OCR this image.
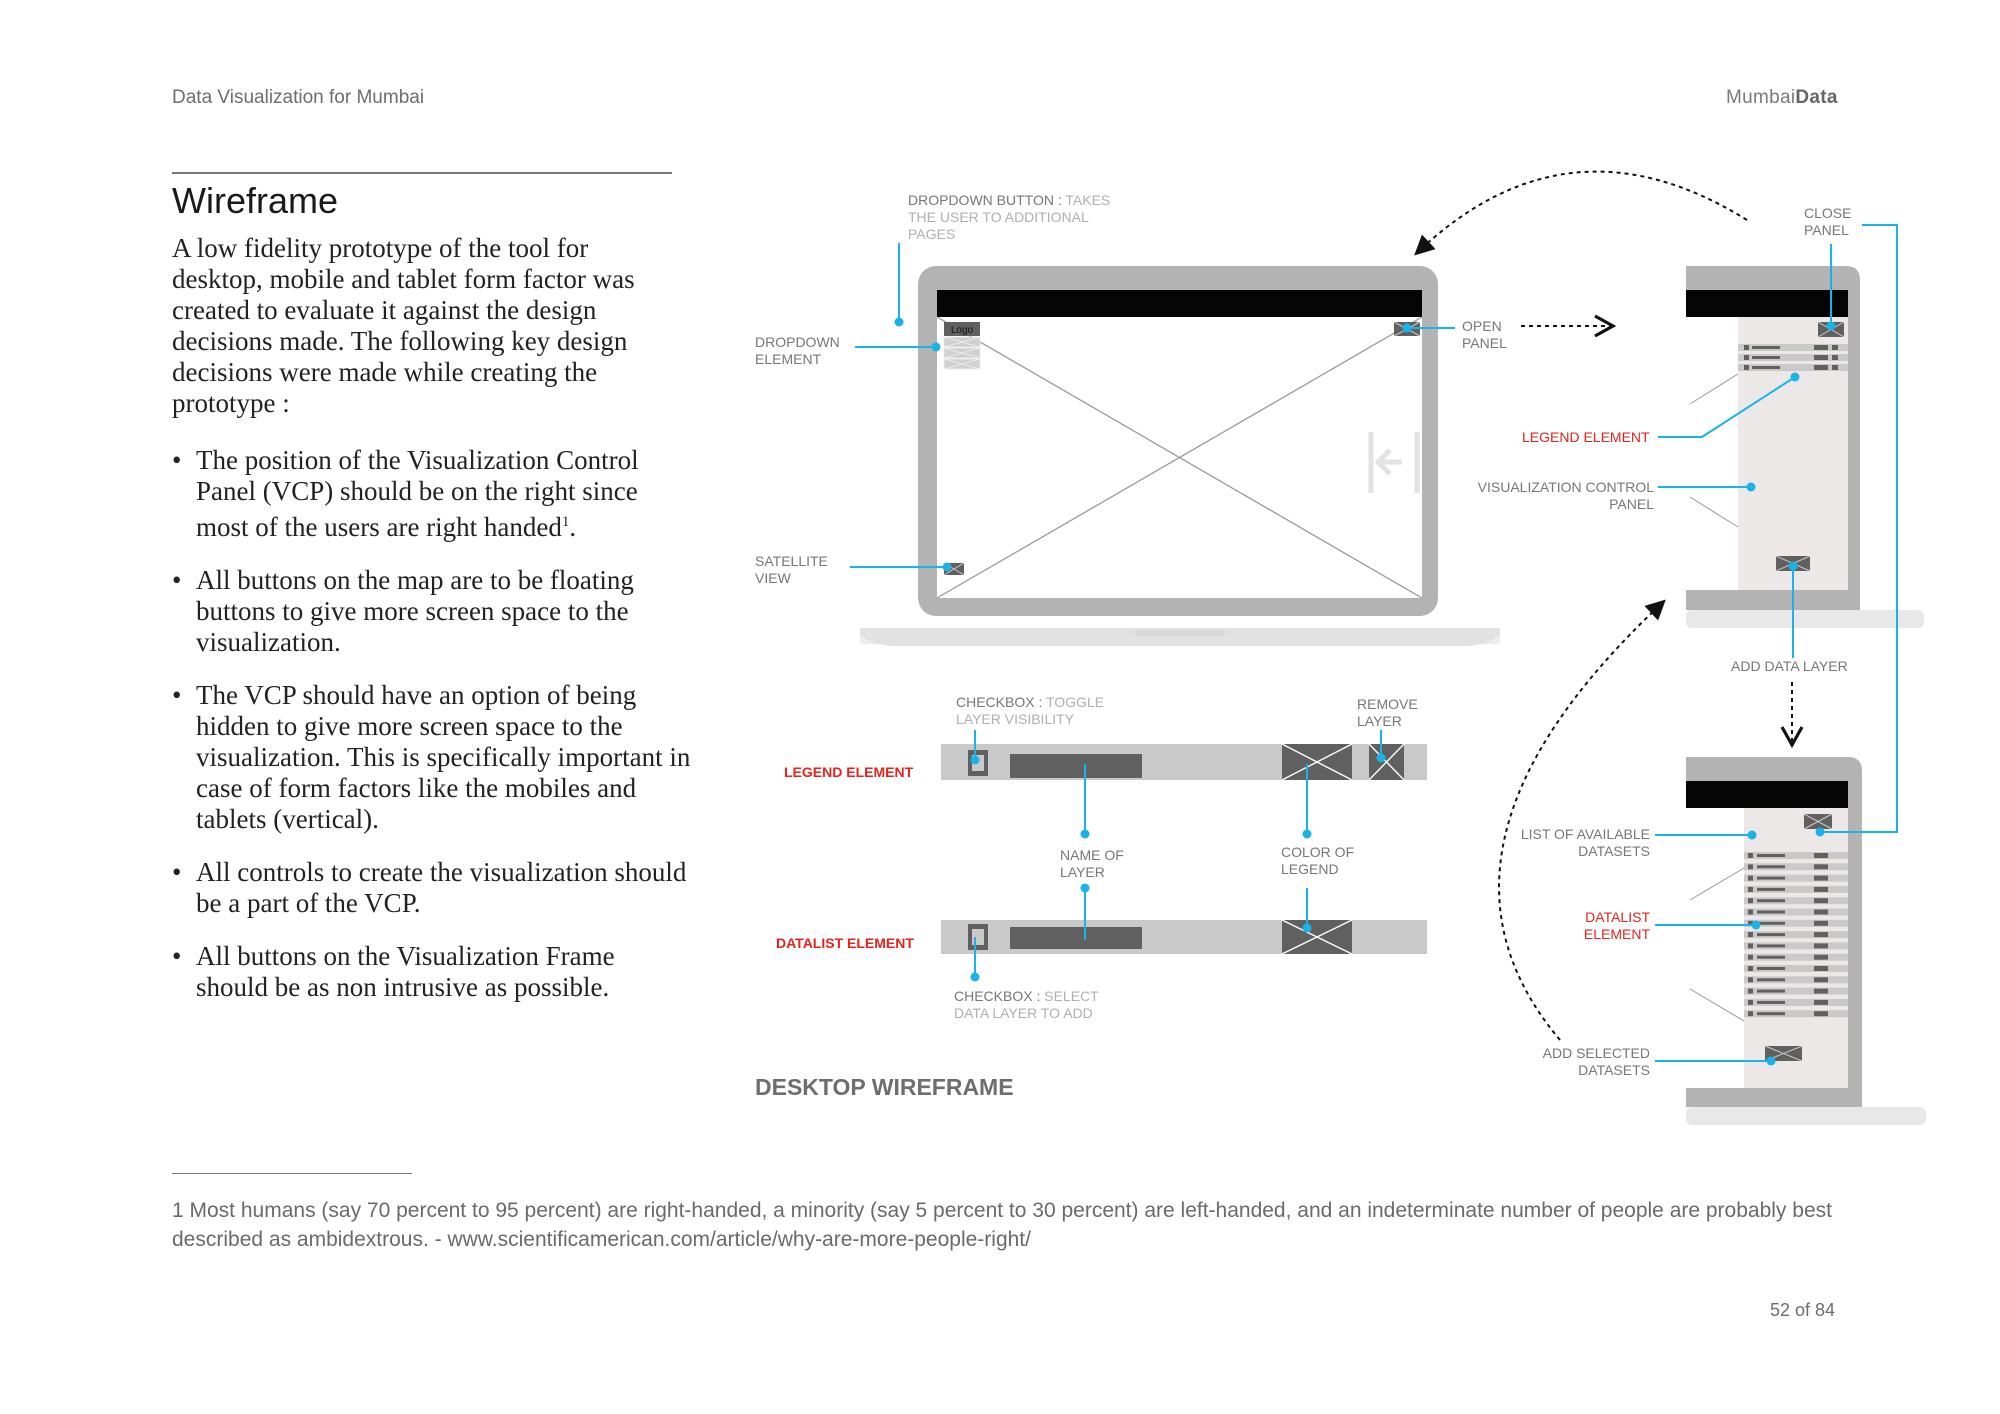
Data Visualization for Mumbai	MumbaiData
Wireframe
A low fidelity prototype of the tool for desktop, mobile and tablet form factor was created to evaluate it against the design decisions made. The following key design decisions were made while creating the prototype :
• The position of the Visualization Control Panel (VCP) should be on the right since most of the users are right handed$^1$.
• All buttons on the map are to be floating buttons to give more screen space to the visualization.
• The VCP should have an option of being hidden to give more screen space to the visualization. This is specifically important in case of form factors like the mobiles and tablets (vertical).
• All controls to create the visualization should be a part of the VCP.
• All buttons on the Visualization Frame should be as non intrusive as possible.
Logo
DROPDOWN BUTTON : TAKES
THE USER TO ADDITIONAL
PAGES
DROPDOWN
ELEMENT
SATELLITE
VIEW
OPEN
PANEL
CLOSE
PANEL
LEGEND ELEMENT
VISUALIZATION CONTROL
PANEL
ADD DATA LAYER
LIST OF AVAILABLE
DATASETS
DATALIST
ELEMENT
ADD SELECTED
DATASETS
CHECKBOX : TOGGLE
LAYER VISIBILITY
REMOVE
LAYER
LEGEND ELEMENT
DATALIST ELEMENT
NAME OF
LAYER
COLOR OF
LEGEND
CHECKBOX : SELECT
DATA LAYER TO ADD
DESKTOP WIREFRAME
1 Most humans (say 70 percent to 95 percent) are right-handed, a minority (say 5 percent to 30 percent) are left-handed, and an indeterminate number of people are probably best described as ambidextrous. - www.scientificamerican.com/article/why-are-more-people-right/
52 of 84
